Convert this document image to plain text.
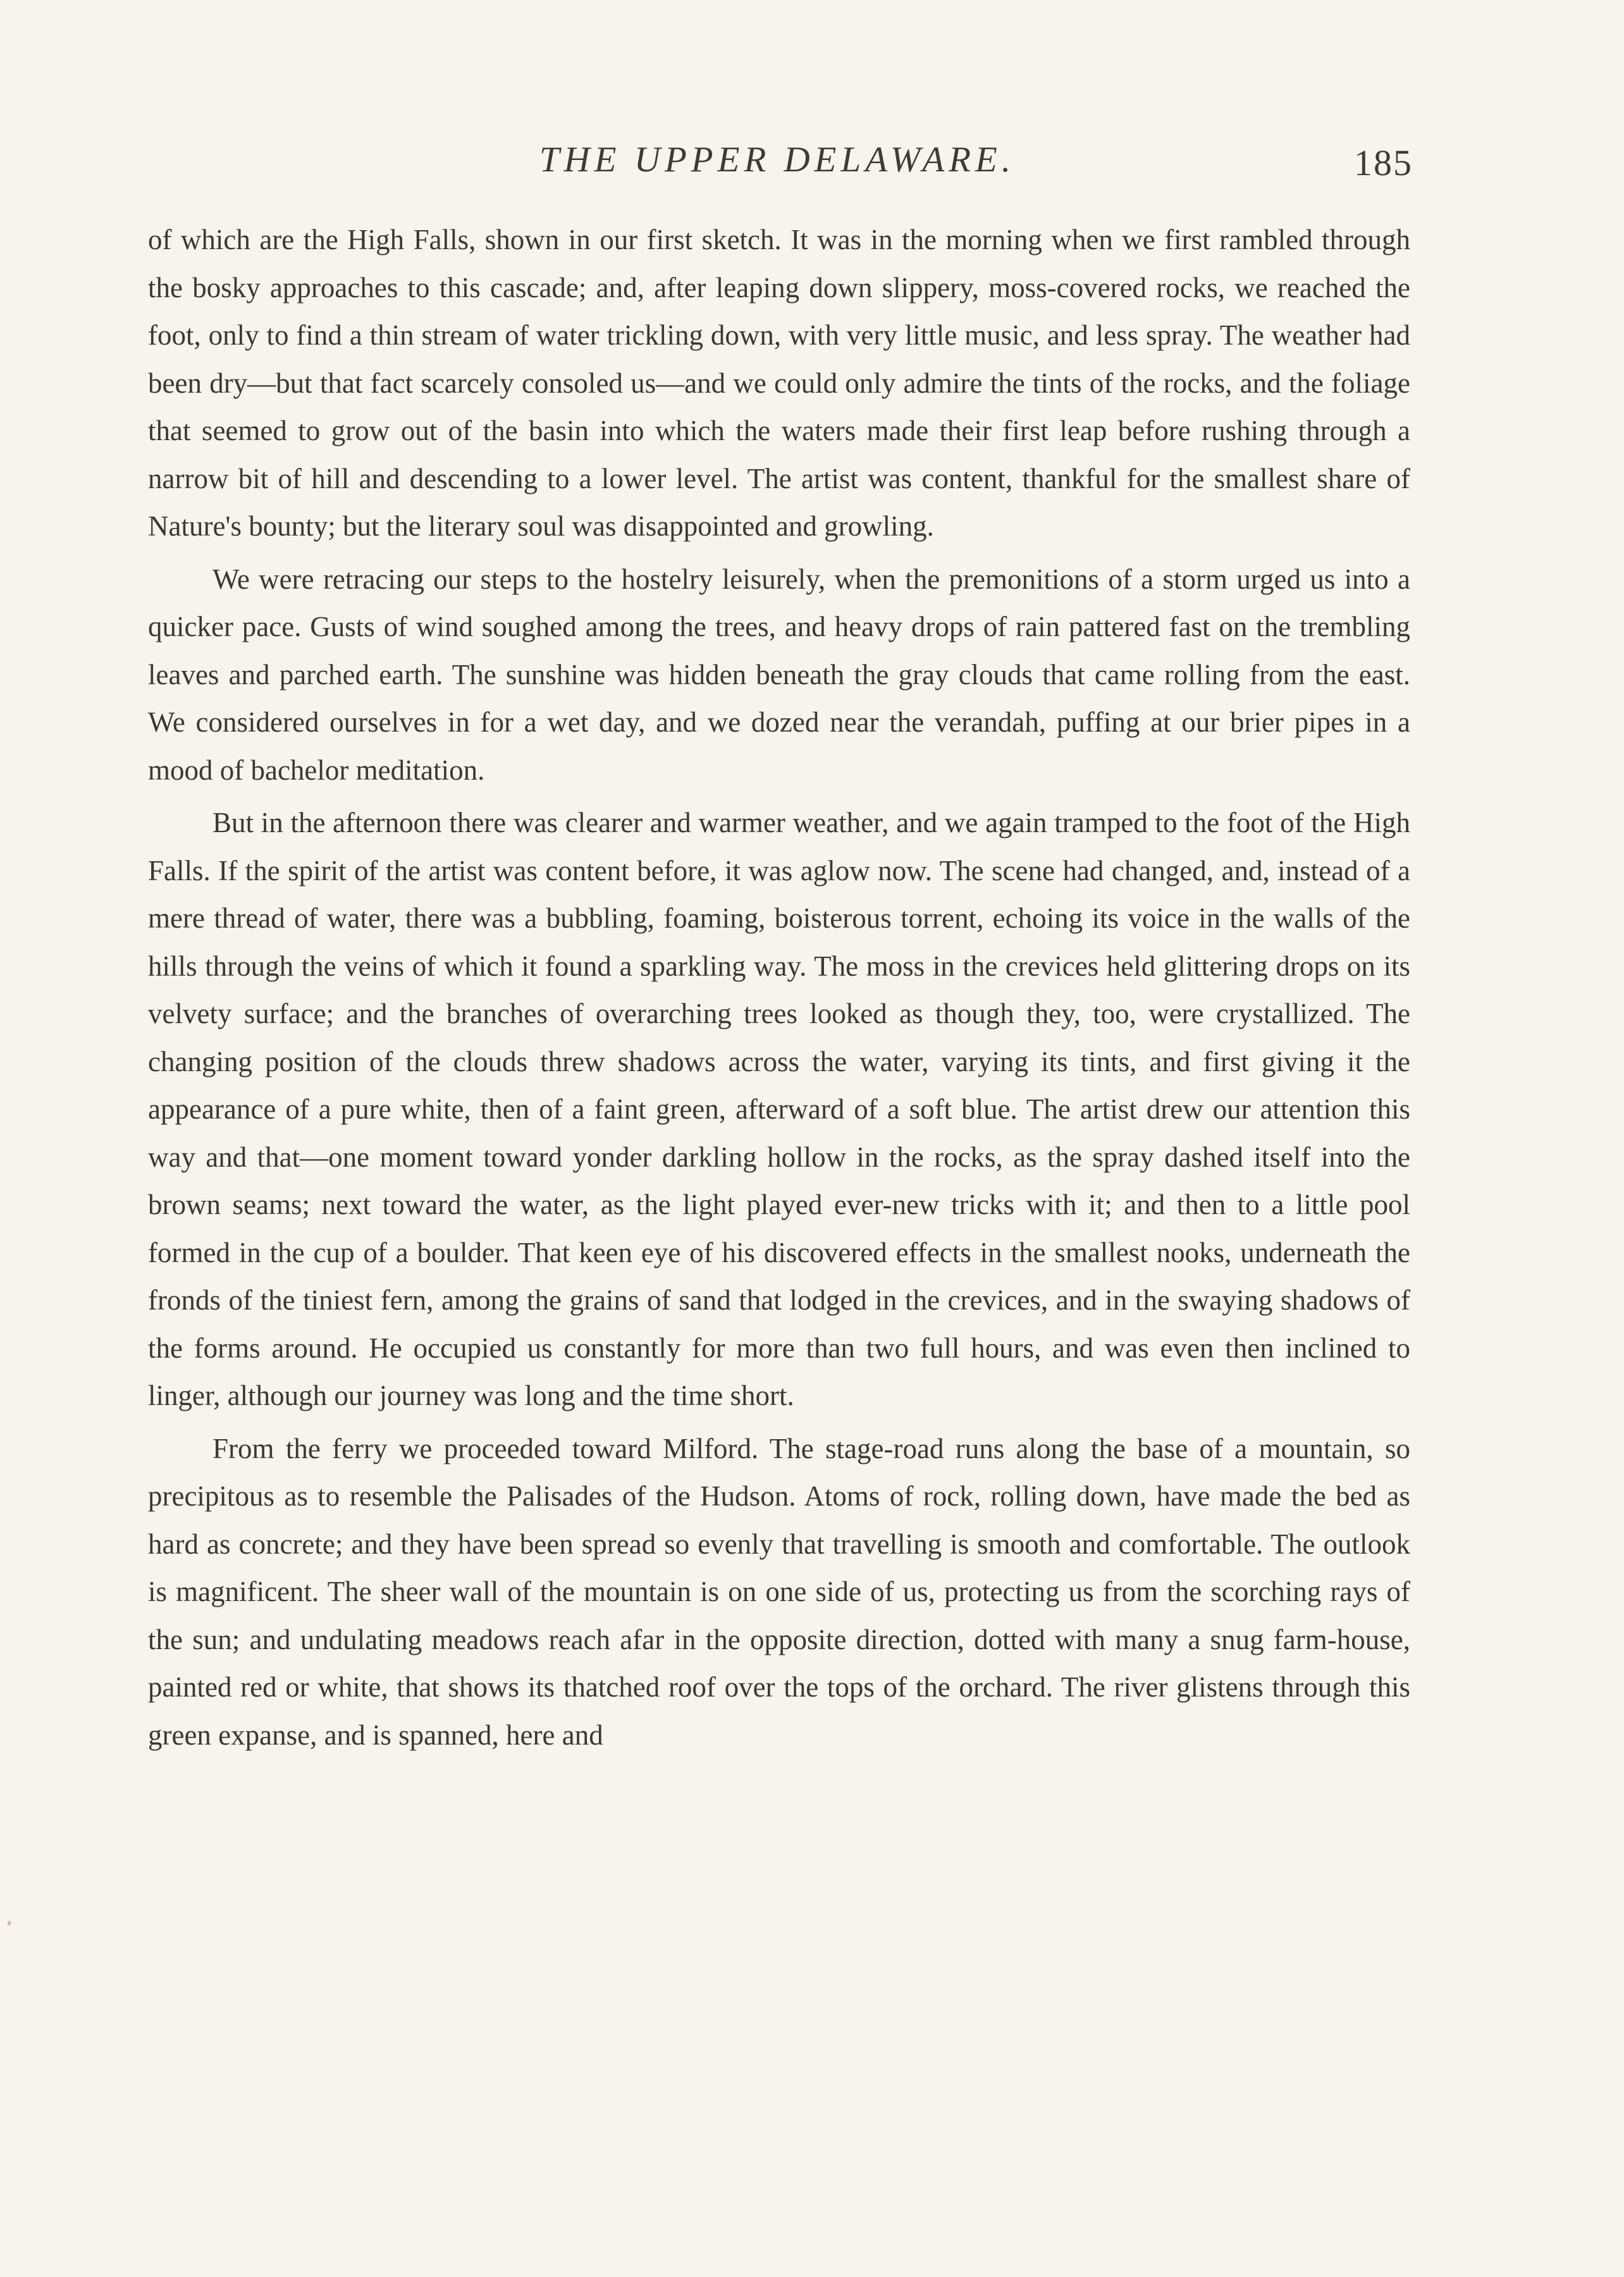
THE UPPER DELAWARE.	185

of which are the High Falls, shown in our first sketch. It was in the morning when we first rambled through the bosky approaches to this cascade; and, after leaping down slippery, moss-covered rocks, we reached the foot, only to find a thin stream of water trickling down, with very little music, and less spray. The weather had been dry—but that fact scarcely consoled us—and we could only admire the tints of the rocks, and the foliage that seemed to grow out of the basin into which the waters made their first leap before rushing through a narrow bit of hill and descending to a lower level. The artist was content, thankful for the smallest share of Nature's bounty; but the literary soul was disappointed and growling.

We were retracing our steps to the hostelry leisurely, when the premonitions of a storm urged us into a quicker pace. Gusts of wind soughed among the trees, and heavy drops of rain pattered fast on the trembling leaves and parched earth. The sunshine was hidden beneath the gray clouds that came rolling from the east. We considered ourselves in for a wet day, and we dozed near the verandah, puffing at our brier pipes in a mood of bachelor meditation.

But in the afternoon there was clearer and warmer weather, and we again tramped to the foot of the High Falls. If the spirit of the artist was content before, it was aglow now. The scene had changed, and, instead of a mere thread of water, there was a bubbling, foaming, boisterous torrent, echoing its voice in the walls of the hills through the veins of which it found a sparkling way. The moss in the crevices held glittering drops on its velvety surface; and the branches of overarching trees looked as though they, too, were crystallized. The changing position of the clouds threw shadows across the water, varying its tints, and first giving it the appearance of a pure white, then of a faint green, afterward of a soft blue. The artist drew our attention this way and that—one moment toward yonder darkling hollow in the rocks, as the spray dashed itself into the brown seams; next toward the water, as the light played ever-new tricks with it; and then to a little pool formed in the cup of a boulder. That keen eye of his discovered effects in the smallest nooks, underneath the fronds of the tiniest fern, among the grains of sand that lodged in the crevices, and in the swaying shadows of the forms around. He occupied us constantly for more than two full hours, and was even then inclined to linger, although our journey was long and the time short.

From the ferry we proceeded toward Milford. The stage-road runs along the base of a mountain, so precipitous as to resemble the Palisades of the Hudson. Atoms of rock, rolling down, have made the bed as hard as concrete; and they have been spread so evenly that travelling is smooth and comfortable. The outlook is magnificent. The sheer wall of the mountain is on one side of us, protecting us from the scorching rays of the sun; and undulating meadows reach afar in the opposite direction, dotted with many a snug farm-house, painted red or white, that shows its thatched roof over the tops of the orchard. The river glistens through this green expanse, and is spanned, here and
